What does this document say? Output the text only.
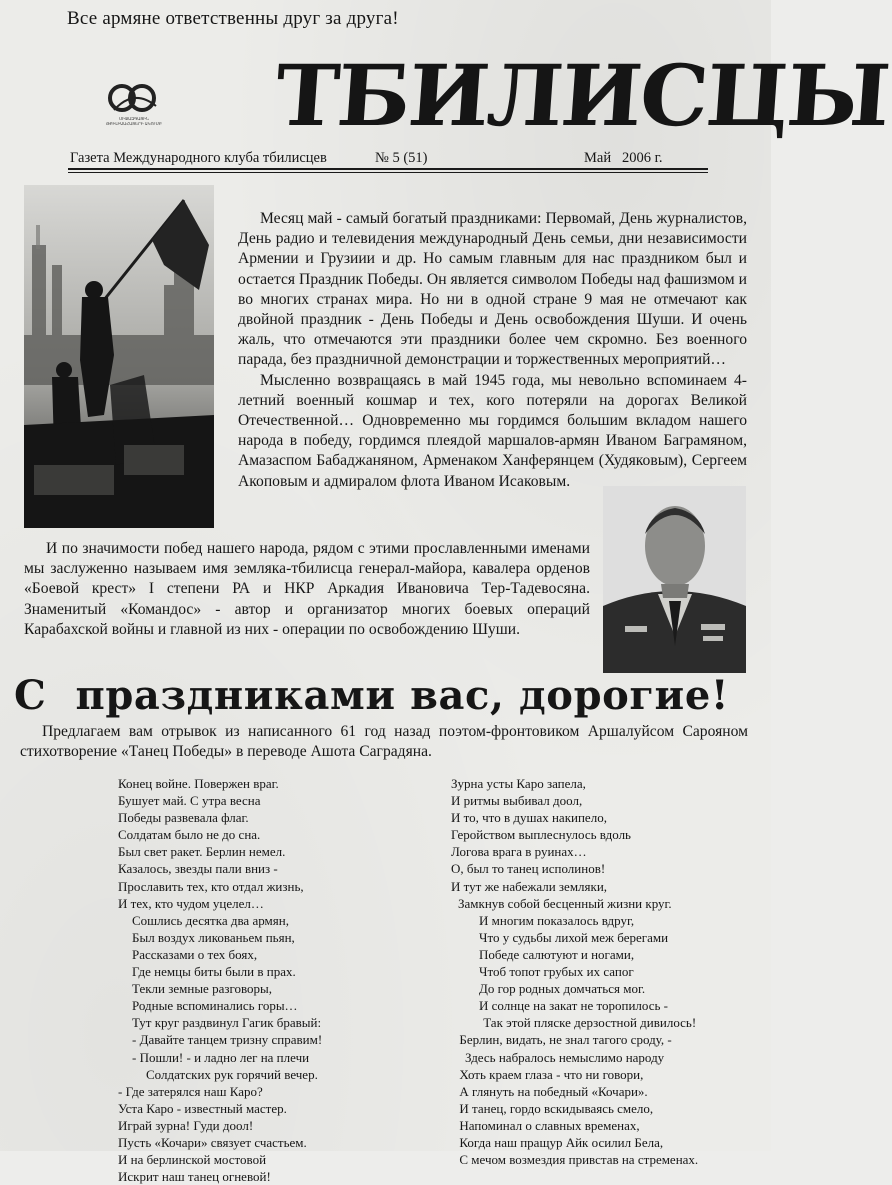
Все армяне ответственны друг за друга!
ՄԻՋԱԶԳԱՅԻՆ ԹԲԻԼԻՍԱՀԱՅԵՐԻ ԱԿՈՒՄԲ ТБИЛИСЦЫ
Газета Международного клуба тбилисцев	№ 5 (51)	Май   2006 г.

Месяц май - самый богатый праздниками: Первомай, День журналистов, День радио и телевидения международный День семьи, дни независимости Армении и Грузиии и др. Но самым главным для нас праздником был и остается Праздник Победы. Он является символом Победы над фашизмом и во многих странах мира. Но ни в одной стране 9 мая не отмечают как двойной праздник - День Победы и День освобождения Шуши. И очень жаль, что отмечаются эти праздники более чем скромно. Без военного парада, без праздничной демонстрации и торжественных мероприятий…

Мысленно возвращаясь в май 1945 года, мы невольно вспоминаем 4-летний военный кошмар и тех, кого потеряли на дорогах Великой Отечественной… Одновременно мы гордимся большим вкладом нашего народа в победу, гордимся плеядой маршалов-армян Иваном Баграмяном, Амазаспом Бабаджаняном, Арменаком Ханферянцем (Худяковым), Сергеем Акоповым и адмиралом флота Иваном Исаковым.

И по значимости побед нашего народа, рядом с этими прославленными именами мы заслуженно называем имя земляка-тбилисца генерал-майора, кавалера орденов «Боевой крест» I степени РА и НКР Аркадия Ивановича Тер-Тадевосяна. Знаменитый «Командос» - автор и организатор многих боевых операций Карабахской войны и главной из них - операции по освобождению Шуши.

С  праздниками вас, дорогие!

Предлагаем вам отрывок из написанного 61 год назад поэтом-фронтовиком Аршалуйсом Сарояном стихотворение «Танец Победы» в переводе Ашота Саградяна.

Конец войне. Повержен враг.
Бушует май. С утра весна
Победы развевала флаг.
Солдатам было не до сна.
Был свет ракет. Берлин немел.
Казалось, звезды пали вниз -
Прославить тех, кто отдал жизнь,
И тех, кто чудом уцелел…
Сошлись десятка два армян,
Был воздух ликованьем пьян,
Рассказами о тех боях,
Где немцы биты были в прах.
Текли земные разговоры,
Родные вспоминались горы…
Тут круг раздвинул Гагик бравый:
- Давайте танцем тризну справим!
- Пошли! - и ладно лег на плечи
Солдатских рук горячий вечер.
- Где затерялся наш Каро?
Уста Каро - известный мастер.
Играй зурна! Гуди доол!
Пусть «Кочари» связует счастьем.
И на берлинской мостовой
Искрит наш танец огневой!
Зурна усты Каро запела,
И ритмы выбивал доол,
И то, что в душах накипело,
Геройством выплеснулось вдоль
Логова врага в руинах…
О, был то танец исполинов!
И тут же набежали земляки,
Замкнув собой бесценный жизни круг.
И многим показалось вдруг,
Что у судьбы лихой меж берегами
Победе салютуют и ногами,
Чтоб топот грубых их сапог
До гор родных домчаться мог.
И солнце на закат не торопилось -
Так этой пляске дерзостной дивилось!
Берлин, видать, не знал тагого сроду, -
Здесь набралось немыслимо народу
Хоть краем глаза - что ни говори,
А глянуть на победный «Кочари».
И танец, гордо вскидываясь смело,
Напоминал о славных временах,
Когда наш пращур Айк осилил Бела,
С мечом возмездия привстав на стременах.
